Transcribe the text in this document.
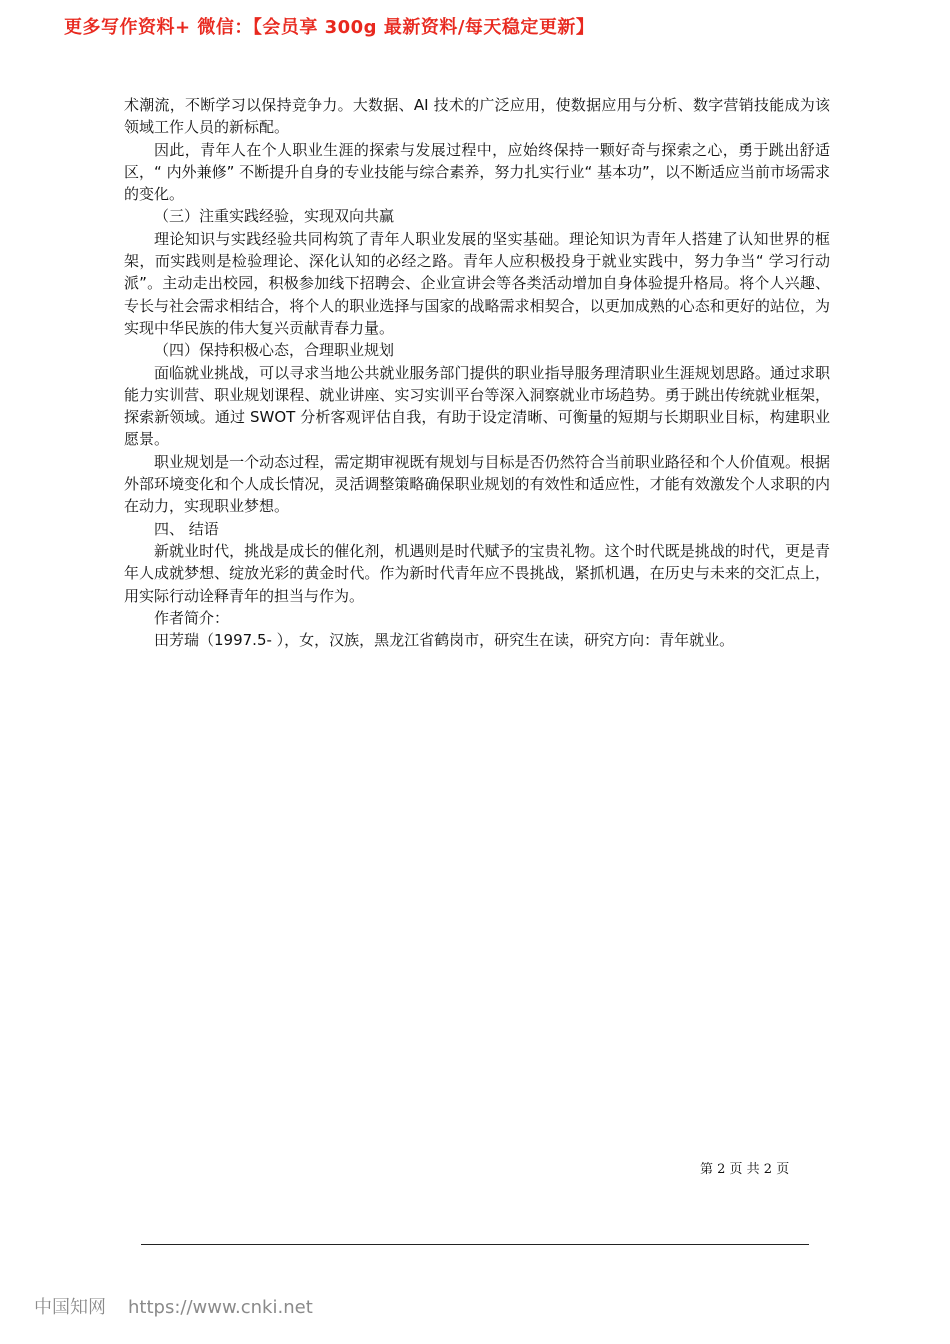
更多写作资料+ 微信：【会员享 300g 最新资料/每天稳定更新】

术潮流，不断学习以保持竞争力。大数据、AI 技术的广泛应用，使数据应用与分析、数字营销技能成为该领域工作人员的新标配。

因此，青年人在个人职业生涯的探索与发展过程中，应始终保持一颗好奇与探索之心，勇于跳出舒适区，“ 内外兼修” 不断提升自身的专业技能与综合素养，努力扎实行业“ 基本功”，以不断适应当前市场需求的变化。

（三）注重实践经验，实现双向共赢

理论知识与实践经验共同构筑了青年人职业发展的坚实基础。理论知识为青年人搭建了认知世界的框架，而实践则是检验理论、深化认知的必经之路。青年人应积极投身于就业实践中，努力争当“ 学习行动派”。主动走出校园，积极参加线下招聘会、企业宣讲会等各类活动增加自身体验提升格局。将个人兴趣、专长与社会需求相结合，将个人的职业选择与国家的战略需求相契合，以更加成熟的心态和更好的站位，为实现中华民族的伟大复兴贡献青春力量。

（四）保持积极心态，合理职业规划

面临就业挑战，可以寻求当地公共就业服务部门提供的职业指导服务理清职业生涯规划思路。通过求职能力实训营、职业规划课程、就业讲座、实习实训平台等深入洞察就业市场趋势。勇于跳出传统就业框架，探索新领域。通过 SWOT 分析客观评估自我，有助于设定清晰、可衡量的短期与长期职业目标，构建职业愿景。

职业规划是一个动态过程，需定期审视既有规划与目标是否仍然符合当前职业路径和个人价值观。根据外部环境变化和个人成长情况，灵活调整策略确保职业规划的有效性和适应性，才能有效激发个人求职的内在动力，实现职业梦想。

四、 结语

新就业时代，挑战是成长的催化剂，机遇则是时代赋予的宝贵礼物。这个时代既是挑战的时代，更是青年人成就梦想、绽放光彩的黄金时代。作为新时代青年应不畏挑战，紧抓机遇，在历史与未来的交汇点上，用实际行动诠释青年的担当与作为。

作者简介：

田芳瑞（1997.5- ），女，汉族，黑龙江省鹤岗市，研究生在读，研究方向：青年就业。

第 2 页 共 2 页
中国知网 https://www.cnki.net
